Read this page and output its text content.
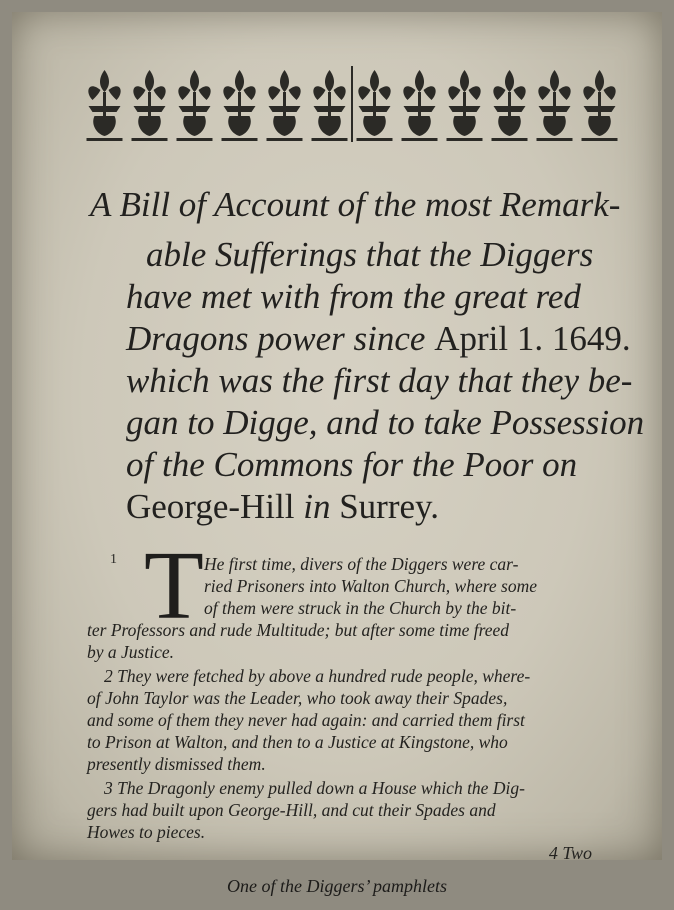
A Bill of Account of the most Remark-
able Sufferings that the Diggers
have met with from the great red
Dragons power since April 1. 1649.
which was the first day that they be-
gan to Digge, and to take Possession
of the Commons for the Poor on
George-Hill in Surrey.
1 T He first time, divers of the Diggers were car-
ried Prisoners into Walton Church, where some
of them were struck in the Church by the bit-
ter Professors and rude Multitude; but after some time freed
by a Justice.
2 They were fetched by above a hundred rude people, where-
of John Taylor was the Leader, who took away their Spades,
and some of them they never had again: and carried them first
to Prison at Walton, and then to a Justice at Kingstone, who
presently dismissed them.
3 The Dragonly enemy pulled down a House which the Dig-
gers had built upon George-Hill, and cut their Spades and
Howes to pieces.
4 Two
One of the Diggers’ pamphlets
